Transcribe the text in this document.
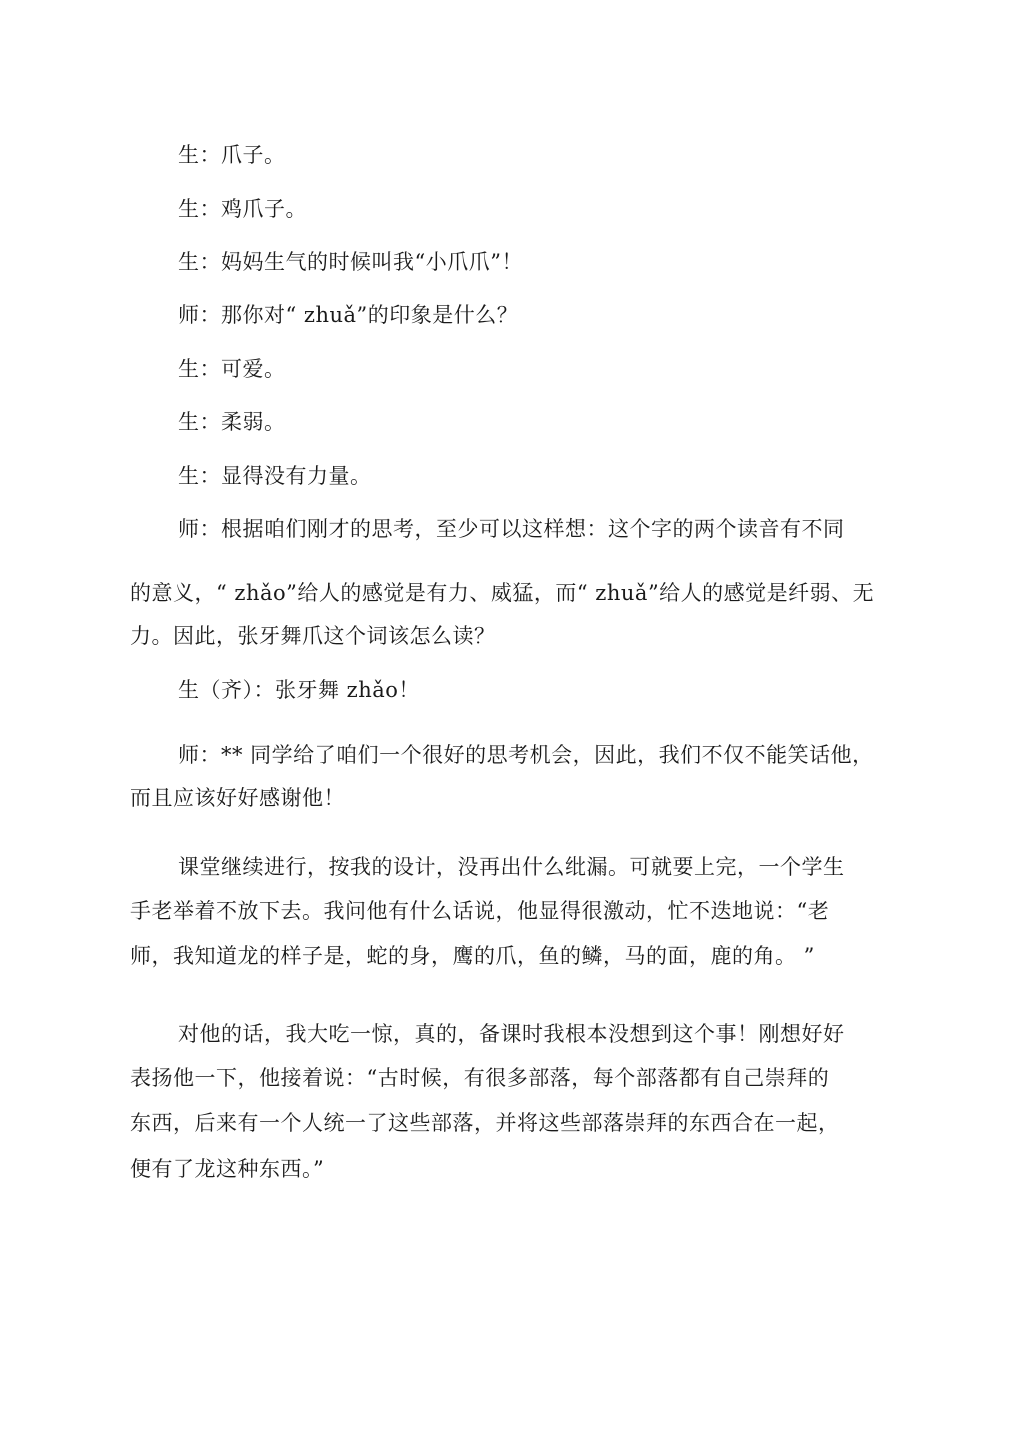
生：爪子。
生：鸡爪子。
生：妈妈生气的时候叫我“小爪爪”！
师：那你对“ zhuǎ”的印象是什么？
生：可爱。
生：柔弱。
生：显得没有力量。
师：根据咱们刚才的思考，至少可以这样想：这个字的两个读音有不同
的意义，“ zhǎo”给人的感觉是有力、威猛，而“ zhuǎ”给人的感觉是纤弱、无
力。因此，张牙舞爪这个词该怎么读？
生（齐）：张牙舞 zhǎo！
师：** 同学给了咱们一个很好的思考机会，因此，我们不仅不能笑话他，
而且应该好好感谢他！
课堂继续进行，按我的设计，没再出什么纰漏。可就要上完，一个学生
手老举着不放下去。我问他有什么话说，他显得很激动，忙不迭地说：“老
师，我知道龙的样子是，蛇的身，鹰的爪，鱼的鳞，马的面，鹿的角。 ”
对他的话，我大吃一惊，真的，备课时我根本没想到这个事！刚想好好
表扬他一下，他接着说：“古时候，有很多部落，每个部落都有自己崇拜的
东西，后来有一个人统一了这些部落，并将这些部落崇拜的东西合在一起，
便有了龙这种东西。”
